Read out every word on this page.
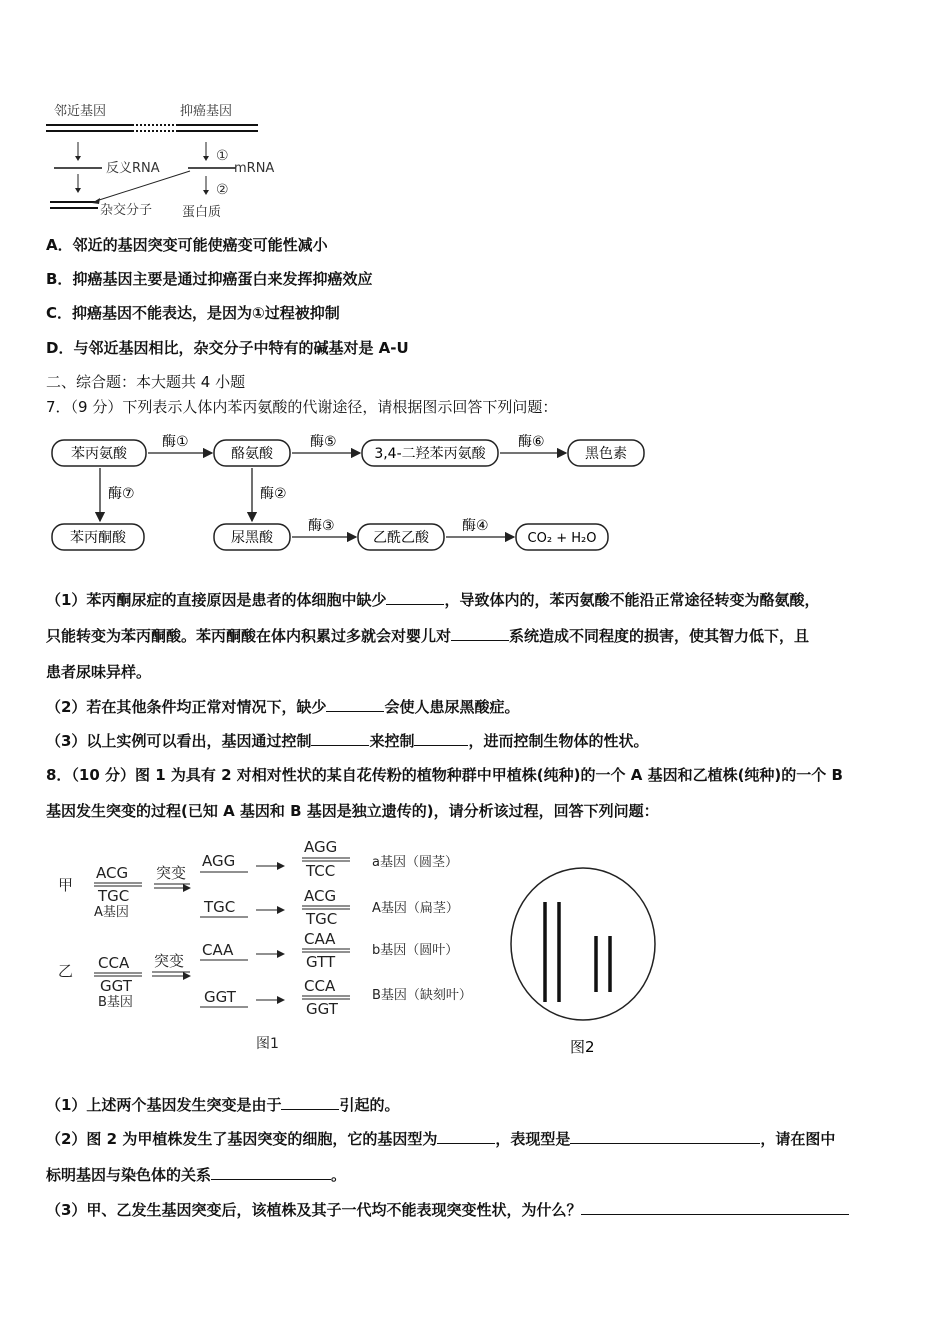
邻近基因	抑癌基因
反义RNA
杂交分子
①
mRNA
②
蛋白质
A．邻近的基因突变可能使癌变可能性减小
B．抑癌基因主要是通过抑癌蛋白来发挥抑癌效应
C．抑癌基因不能表达，是因为①过程被抑制
D．与邻近基因相比，杂交分子中特有的碱基对是 A-U
二、综合题：本大题共 4 小题
7．（9 分）下列表示人体内苯丙氨酸的代谢途径，请根据图示回答下列问题：
苯丙氨酸	酪氨酸	3,4-二羟苯丙氨酸	黑色素
苯丙酮酸	尿黑酸	乙酰乙酸	CO₂ + H₂O
酶①	酶⑤	酶⑥
酶⑦	酶②
酶③	酶④
（1）苯丙酮尿症的直接原因是患者的体细胞中缺少	，导致体内的，苯丙氨酸不能沿正常途径转变为酪氨酸，
只能转变为苯丙酮酸。苯丙酮酸在体内积累过多就会对婴儿对	系统造成不同程度的损害，使其智力低下，且
患者尿味异样。
（2）若在其他条件均正常对情况下，缺少	会使人患尿黑酸症。
（3）以上实例可以看出，基因通过控制	来控制	，进而控制生物体的性状。
8．（10 分）图 1 为具有 2 对相对性状的某自花传粉的植物种群中甲植株(纯种)的一个 A 基因和乙植株(纯种)的一个 B
基因发生突变的过程(已知 A 基因和 B 基因是独立遗传的)，请分析该过程，回答下列问题：
甲
ACG
TGC
A基因
突变
AGG
TGC
AGG
TCC	a基因（圆茎）
ACG
TGC
A基因（扁茎）
乙 CCA
GGT
B基因
突变
CAA
GGT
CAA
GTT
b基因（圆叶）
CCA
GGT
B基因（缺刻叶）
图1	图2
（1）上述两个基因发生突变是由于	引起的。
（2）图 2 为甲植株发生了基因突变的细胞，它的基因型为	，表现型是	，请在图中
标明基因与染色体的关系	。
（3）甲、乙发生基因突变后，该植株及其子一代均不能表现突变性状，为什么？
